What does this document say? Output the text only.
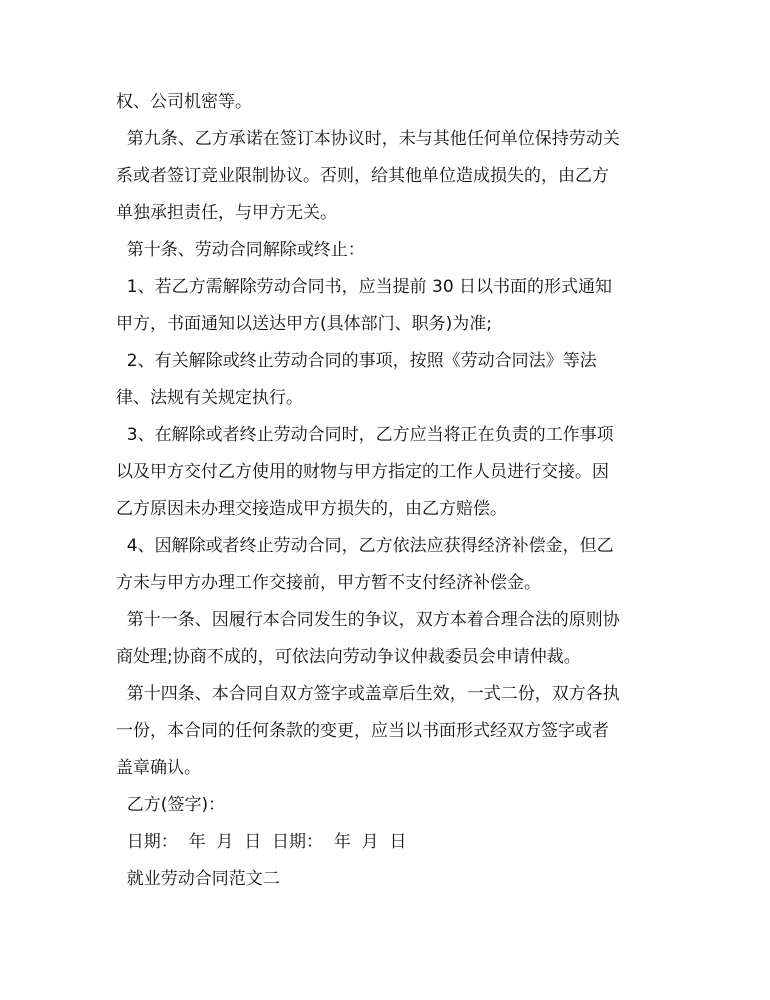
权、公司机密等。
第九条、乙方承诺在签订本协议时，未与其他任何单位保持劳动关
系或者签订竞业限制协议。否则，给其他单位造成损失的，由乙方
单独承担责任，与甲方无关。
第十条、劳动合同解除或终止：
1、若乙方需解除劳动合同书，应当提前 30 日以书面的形式通知
甲方，书面通知以送达甲方(具体部门、职务)为准;
2、有关解除或终止劳动合同的事项，按照《劳动合同法》等法
律、法规有关规定执行。
3、在解除或者终止劳动合同时，乙方应当将正在负责的工作事项
以及甲方交付乙方使用的财物与甲方指定的工作人员进行交接。因
乙方原因未办理交接造成甲方损失的，由乙方赔偿。
4、因解除或者终止劳动合同，乙方依法应获得经济补偿金，但乙
方未与甲方办理工作交接前，甲方暂不支付经济补偿金。
第十一条、因履行本合同发生的争议，双方本着合理合法的原则协
商处理;协商不成的，可依法向劳动争议仲裁委员会申请仲裁。
第十四条、本合同自双方签字或盖章后生效，一式二份，双方各执
一份，本合同的任何条款的变更，应当以书面形式经双方签字或者
盖章确认。
乙方(签字)：
日期：  年  月  日  日期：  年  月  日
就业劳动合同范文二
